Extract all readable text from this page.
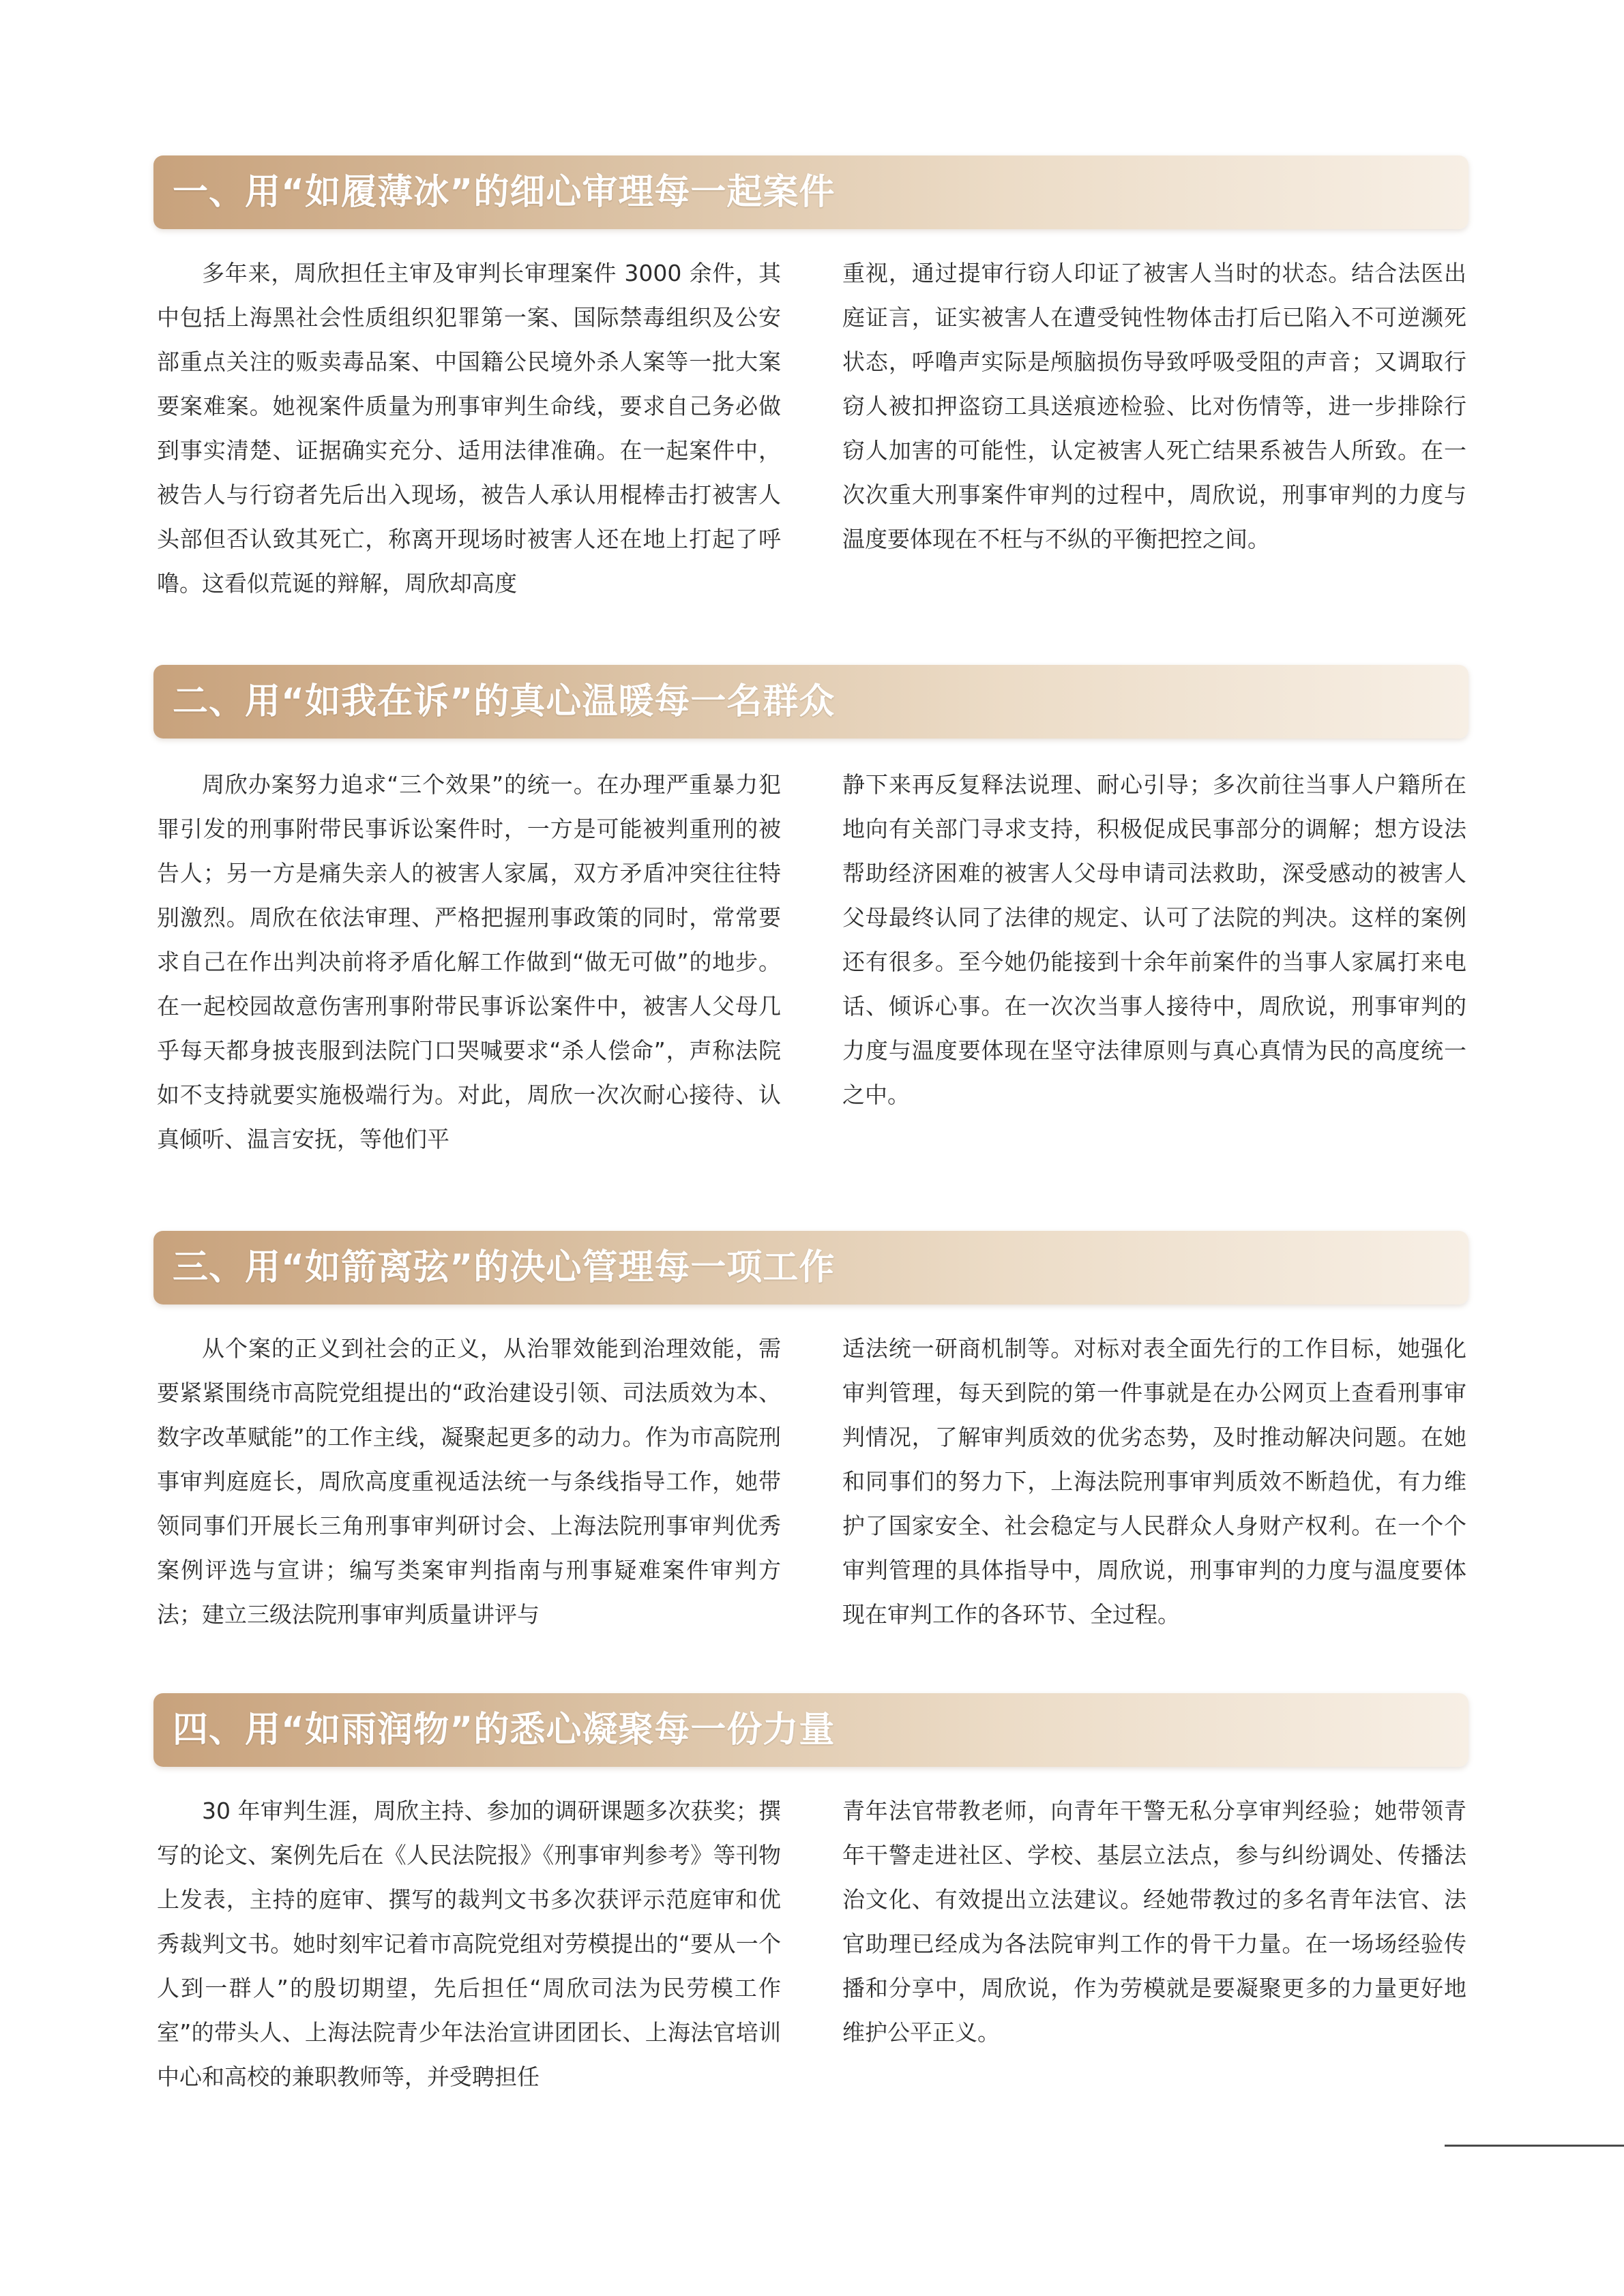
一、用“如履薄冰”的细心审理每一起案件
多年来，周欣担任主审及审判长审理案件 3000 余件，其中包括上海黑社会性质组织犯罪第一案、国际禁毒组织及公安部重点关注的贩卖毒品案、中国籍公民境外杀人案等一批大案要案难案。她视案件质量为刑事审判生命线，要求自己务必做到事实清楚、证据确实充分、适用法律准确。在一起案件中，被告人与行窃者先后出入现场，被告人承认用棍棒击打被害人头部但否认致其死亡，称离开现场时被害人还在地上打起了呼噜。这看似荒诞的辩解，周欣却高度
重视，通过提审行窃人印证了被害人当时的状态。结合法医出庭证言，证实被害人在遭受钝性物体击打后已陷入不可逆濒死状态，呼噜声实际是颅脑损伤导致呼吸受阻的声音；又调取行窃人被扣押盗窃工具送痕迹检验、比对伤情等，进一步排除行窃人加害的可能性，认定被害人死亡结果系被告人所致。在一次次重大刑事案件审判的过程中，周欣说，刑事审判的力度与温度要体现在不枉与不纵的平衡把控之间。
二、用“如我在诉”的真心温暖每一名群众
周欣办案努力追求“三个效果”的统一。在办理严重暴力犯罪引发的刑事附带民事诉讼案件时，一方是可能被判重刑的被告人；另一方是痛失亲人的被害人家属，双方矛盾冲突往往特别激烈。周欣在依法审理、严格把握刑事政策的同时，常常要求自己在作出判决前将矛盾化解工作做到“做无可做”的地步。在一起校园故意伤害刑事附带民事诉讼案件中，被害人父母几乎每天都身披丧服到法院门口哭喊要求“杀人偿命”，声称法院如不支持就要实施极端行为。对此，周欣一次次耐心接待、认真倾听、温言安抚，等他们平
静下来再反复释法说理、耐心引导；多次前往当事人户籍所在地向有关部门寻求支持，积极促成民事部分的调解；想方设法帮助经济困难的被害人父母申请司法救助，深受感动的被害人父母最终认同了法律的规定、认可了法院的判决。这样的案例还有很多。至今她仍能接到十余年前案件的当事人家属打来电话、倾诉心事。在一次次当事人接待中，周欣说，刑事审判的力度与温度要体现在坚守法律原则与真心真情为民的高度统一之中。
三、用“如箭离弦”的决心管理每一项工作
从个案的正义到社会的正义，从治罪效能到治理效能，需要紧紧围绕市高院党组提出的“政治建设引领、司法质效为本、数字改革赋能”的工作主线，凝聚起更多的动力。作为市高院刑事审判庭庭长，周欣高度重视适法统一与条线指导工作，她带领同事们开展长三角刑事审判研讨会、上海法院刑事审判优秀案例评选与宣讲；编写类案审判指南与刑事疑难案件审判方法；建立三级法院刑事审判质量讲评与
适法统一研商机制等。对标对表全面先行的工作目标，她强化审判管理，每天到院的第一件事就是在办公网页上查看刑事审判情况，了解审判质效的优劣态势，及时推动解决问题。在她和同事们的努力下，上海法院刑事审判质效不断趋优，有力维护了国家安全、社会稳定与人民群众人身财产权利。在一个个审判管理的具体指导中，周欣说，刑事审判的力度与温度要体现在审判工作的各环节、全过程。
四、用“如雨润物”的悉心凝聚每一份力量
30 年审判生涯，周欣主持、参加的调研课题多次获奖；撰写的论文、案例先后在《人民法院报》《刑事审判参考》等刊物上发表，主持的庭审、撰写的裁判文书多次获评示范庭审和优秀裁判文书。她时刻牢记着市高院党组对劳模提出的“要从一个人到一群人”的殷切期望，先后担任“周欣司法为民劳模工作室”的带头人、上海法院青少年法治宣讲团团长、上海法官培训中心和高校的兼职教师等，并受聘担任
青年法官带教老师，向青年干警无私分享审判经验；她带领青年干警走进社区、学校、基层立法点，参与纠纷调处、传播法治文化、有效提出立法建议。经她带教过的多名青年法官、法官助理已经成为各法院审判工作的骨干力量。在一场场经验传播和分享中，周欣说，作为劳模就是要凝聚更多的力量更好地维护公平正义。
